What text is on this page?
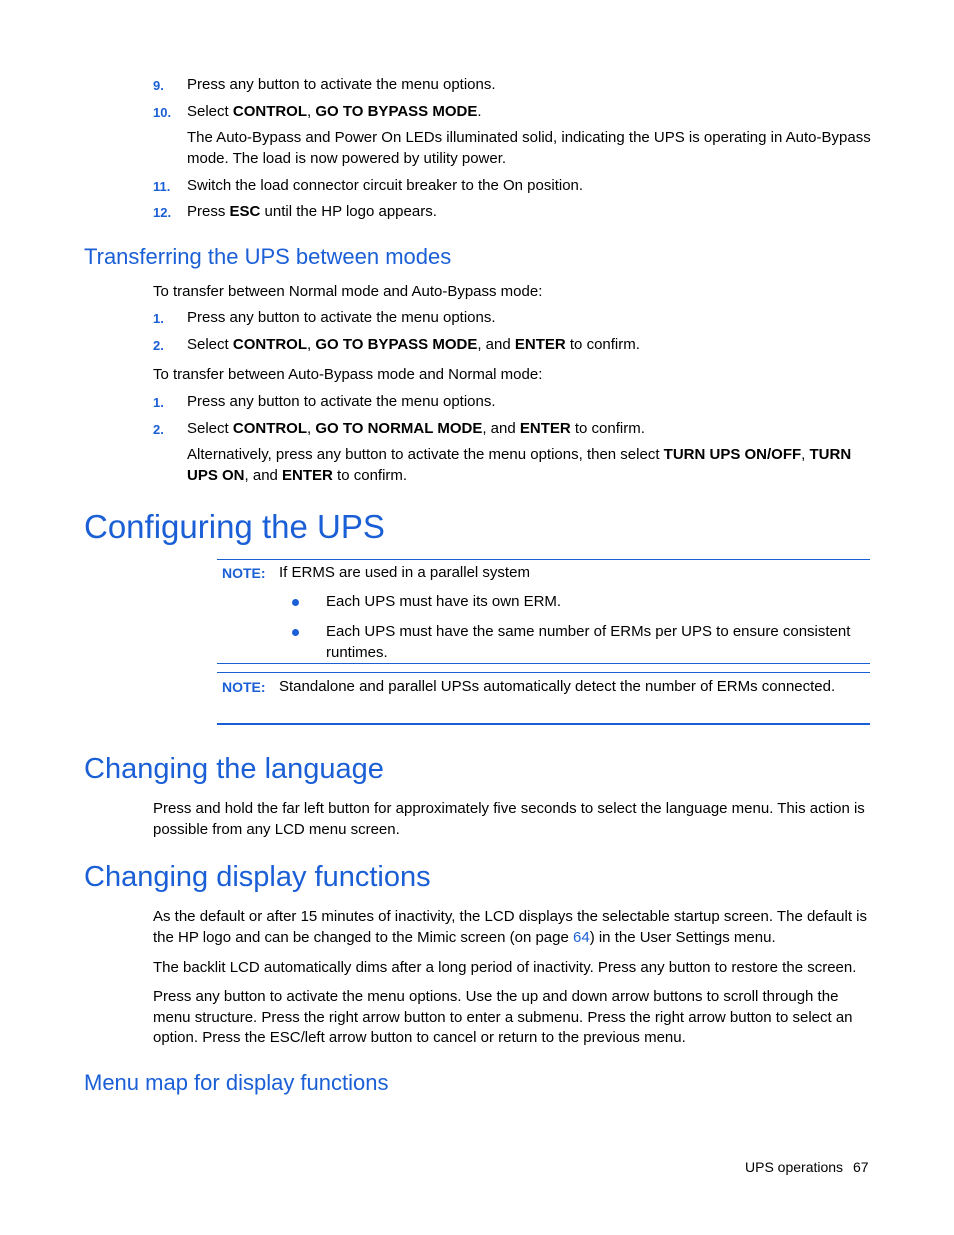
9. Press any button to activate the menu options.
10. Select CONTROL, GO TO BYPASS MODE.
The Auto-Bypass and Power On LEDs illuminated solid, indicating the UPS is operating in Auto-Bypass mode. The load is now powered by utility power.
11. Switch the load connector circuit breaker to the On position.
12. Press ESC until the HP logo appears.
Transferring the UPS between modes
To transfer between Normal mode and Auto-Bypass mode:
1. Press any button to activate the menu options.
2. Select CONTROL, GO TO BYPASS MODE, and ENTER to confirm.
To transfer between Auto-Bypass mode and Normal mode:
1. Press any button to activate the menu options.
2. Select CONTROL, GO TO NORMAL MODE, and ENTER to confirm.
Alternatively, press any button to activate the menu options, then select TURN UPS ON/OFF, TURN UPS ON, and ENTER to confirm.
Configuring the UPS
NOTE: If ERMS are used in a parallel system
Each UPS must have its own ERM.
Each UPS must have the same number of ERMs per UPS to ensure consistent runtimes.
NOTE: Standalone and parallel UPSs automatically detect the number of ERMs connected.
Changing the language
Press and hold the far left button for approximately five seconds to select the language menu. This action is possible from any LCD menu screen.
Changing display functions
As the default or after 15 minutes of inactivity, the LCD displays the selectable startup screen. The default is the HP logo and can be changed to the Mimic screen (on page 64) in the User Settings menu.
The backlit LCD automatically dims after a long period of inactivity. Press any button to restore the screen.
Press any button to activate the menu options. Use the up and down arrow buttons to scroll through the menu structure. Press the right arrow button to enter a submenu. Press the right arrow button to select an option. Press the ESC/left arrow button to cancel or return to the previous menu.
Menu map for display functions
UPS operations 67
